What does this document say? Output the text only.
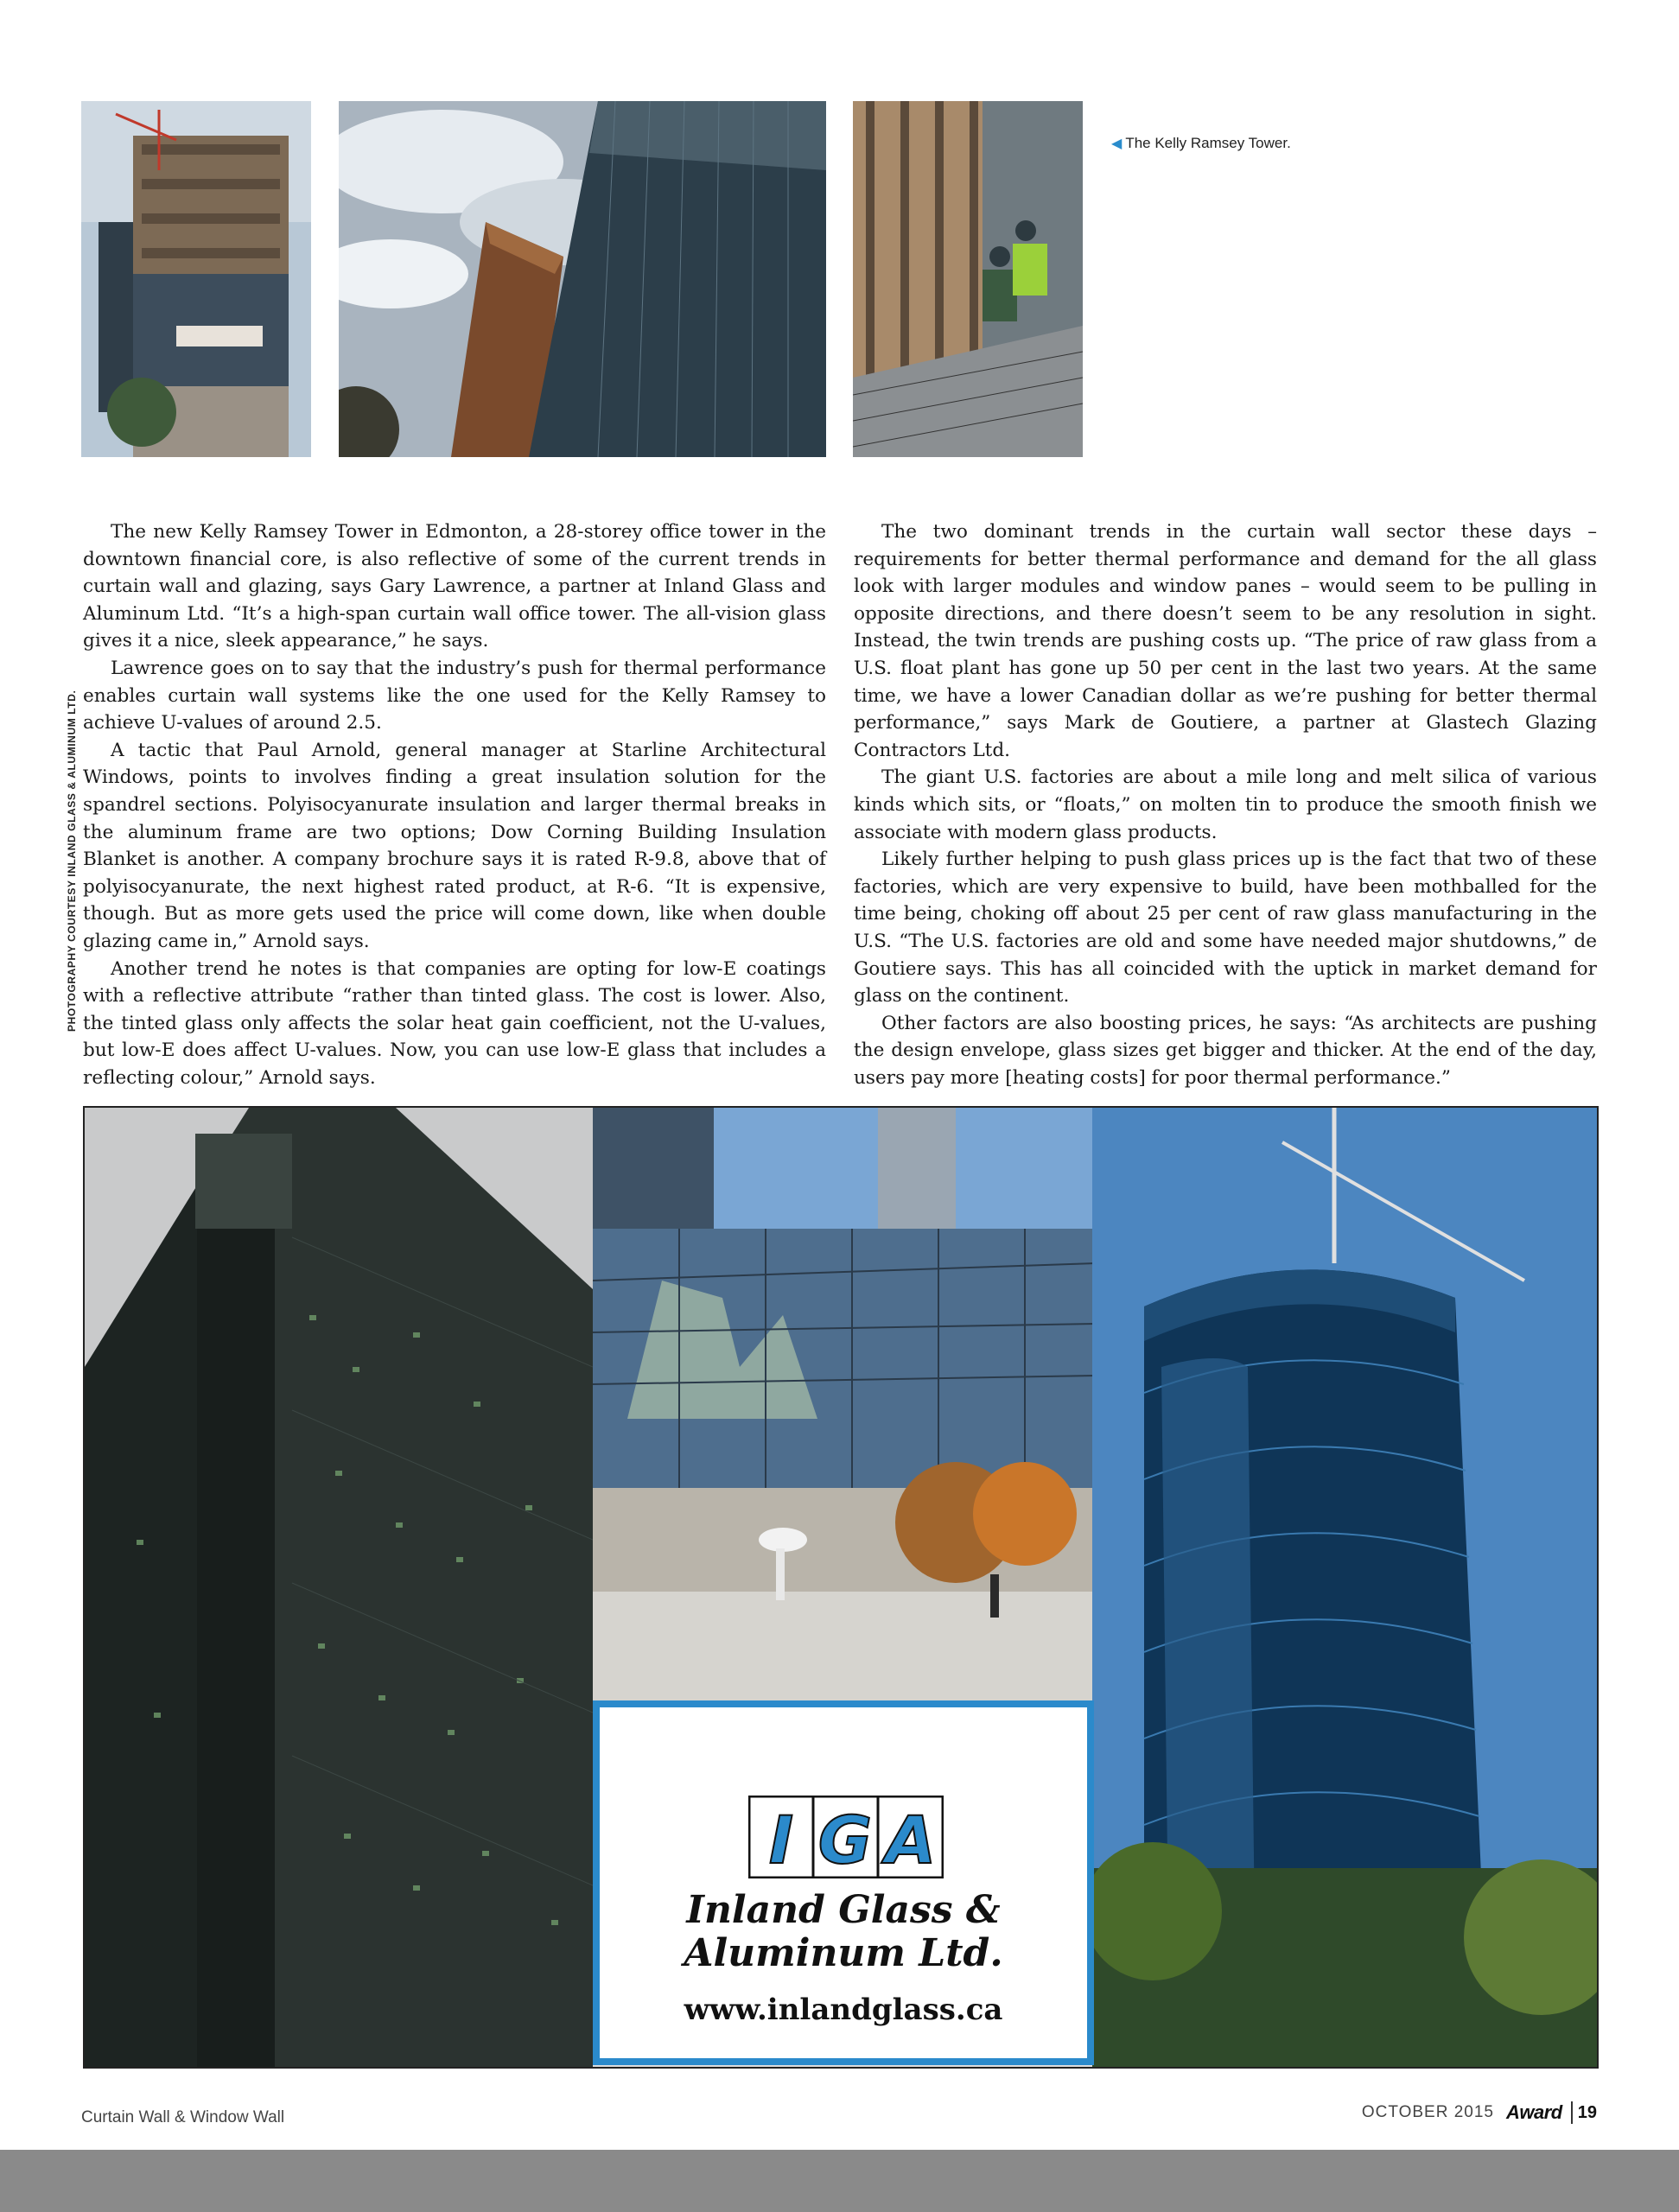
◀ The Kelly Ramsey Tower.
PHOTOGRAPHY COURTESY INLAND GLASS & ALUMINUM LTD.

The new Kelly Ramsey Tower in Edmonton, a 28-storey office tower in the downtown financial core, is also reflective of some of the current trends in curtain wall and glazing, says Gary Lawrence, a partner at Inland Glass and Aluminum Ltd. “It’s a high-span curtain wall office tower. The all-vision glass gives it a nice, sleek appearance,” he says.

Lawrence goes on to say that the industry’s push for thermal performance enables curtain wall systems like the one used for the Kelly Ramsey to achieve U-values of around 2.5.

A tactic that Paul Arnold, general manager at Starline Architectural Windows, points to involves finding a great insulation solution for the spandrel sections. Polyisocyanurate insulation and larger thermal breaks in the aluminum frame are two options; Dow Corning Building Insulation Blanket is another. A company brochure says it is rated R-9.8, above that of polyisocyanurate, the next highest rated product, at R-6. “It is expensive, though. But as more gets used the price will come down, like when double glazing came in,” Arnold says.

Another trend he notes is that companies are opting for low-E coatings with a reflective attribute “rather than tinted glass. The cost is lower. Also, the tinted glass only affects the solar heat gain coefficient, not the U-values, but low-E does affect U-values. Now, you can use low-E glass that includes a reflecting colour,” Arnold says.

The two dominant trends in the curtain wall sector these days – requirements for better thermal performance and demand for the all glass look with larger modules and window panes – would seem to be pulling in opposite directions, and there doesn’t seem to be any resolution in sight. Instead, the twin trends are pushing costs up. “The price of raw glass from a U.S. float plant has gone up 50 per cent in the last two years. At the same time, we have a lower Canadian dollar as we’re pushing for better thermal performance,” says Mark de Goutiere, a partner at Glastech Glazing Contractors Ltd.

The giant U.S. factories are about a mile long and melt silica of various kinds which sits, or “floats,” on molten tin to produce the smooth finish we associate with modern glass products.

Likely further helping to push glass prices up is the fact that two of these factories, which are very expensive to build, have been mothballed for the time being, choking off about 25 per cent of raw glass manufacturing in the U.S. “The U.S. factories are old and some have needed major shutdowns,” de Goutiere says. This has all coincided with the uptick in market demand for glass on the continent.

Other factors are also boosting prices, he says: “As architects are pushing the design envelope, glass sizes get bigger and thicker. At the end of the day, users pay more [heating costs] for poor thermal performance.”

I G A
Inland Glass &
Aluminum Ltd.
www.inlandglass.ca
Curtain Wall & Window Wall	OCTOBER 2015 Award 19
